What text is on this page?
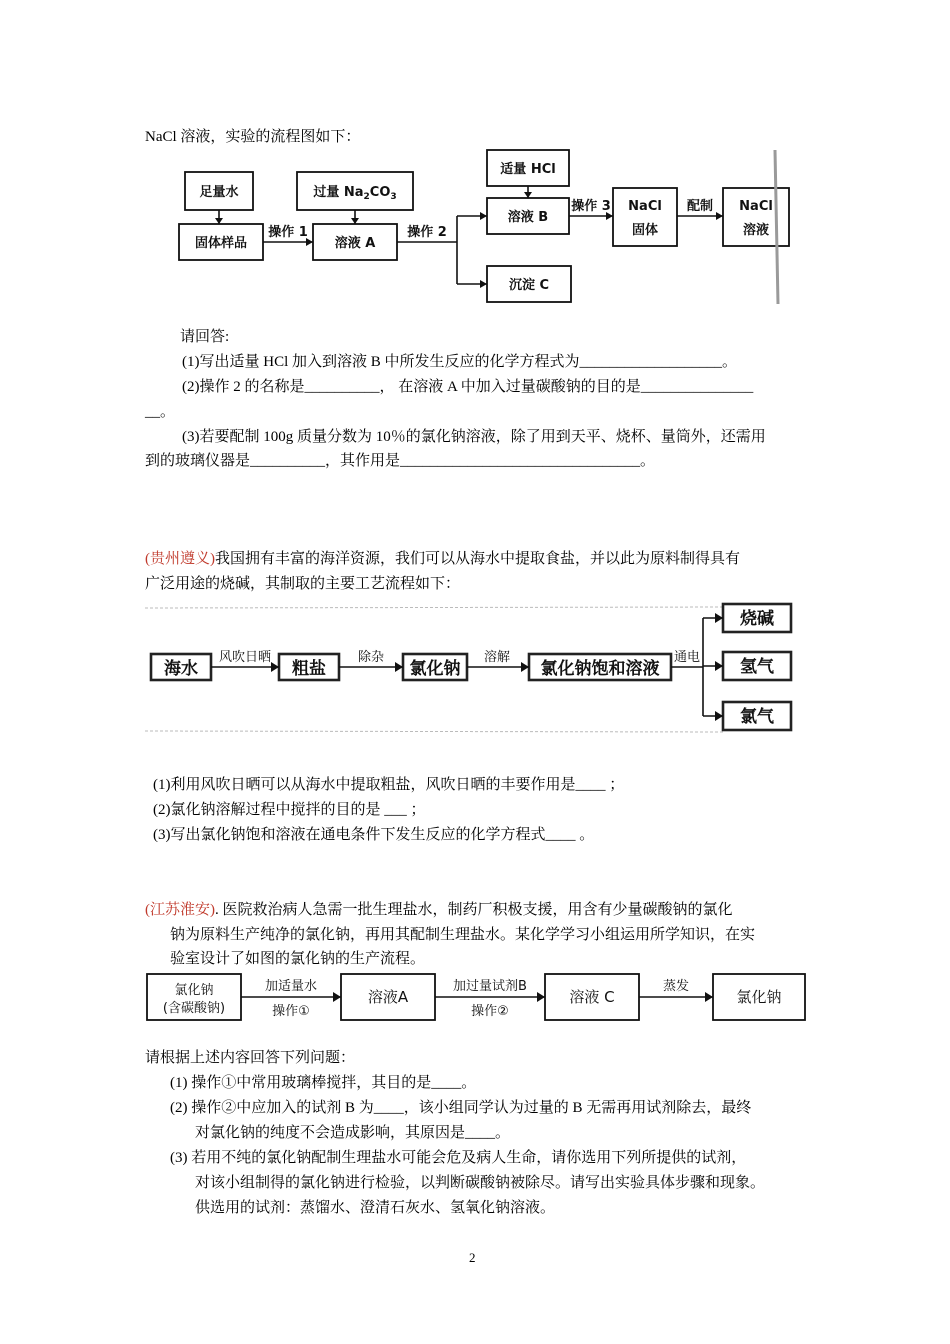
NaCl 溶液，实验的流程图如下：
足量水	过量 $Na_2CO_3$
适量 HCl
固体样品
操作 1
溶液 A
操作 2
溶液 B
操作 3
沉淀 C
NaCl
固体
配制 NaCl
溶液
请回答:
(1)写出适量 HCl 加入到溶液 B 中所发生反应的化学方程式为___________________。
(2)操作 2 的名称是__________， 在溶液 A 中加入过量碳酸钠的目的是_______________
__。
(3)若要配制 100g 质量分数为 10％的氯化钠溶液，除了用到天平、烧杯、量筒外，还需用
到的玻璃仪器是__________，其作用是________________________________。
(贵州遵义)我国拥有丰富的海洋资源，我们可以从海水中提取食盐，并以此为原料制得具有
广泛用途的烧碱，其制取的主要工艺流程如下：
海水
风吹日晒
粗盐
除杂
氯化钠
溶解
氯化钠饱和溶液
通电
烧碱
氢气
氯气
(1)利用风吹日晒可以从海水中提取粗盐，风吹日晒的丰要作用是____ ；
(2)氯化钠溶解过程中搅拌的目的是 ___ ；
(3)写出氯化钠饱和溶液在通电条件下发生反应的化学方程式____ 。
(江苏淮安). 医院救治病人急需一批生理盐水，制药厂积极支援，用含有少量碳酸钠的氯化
钠为原料生产纯净的氯化钠，再用其配制生理盐水。某化学学习小组运用所学知识，在实
验室设计了如图的氯化钠的生产流程。
氯化钠
(含碳酸钠)
加适量水
操作①
溶液A
加过量试剂B
操作②
溶液 C
蒸发
氯化钠
请根据上述内容回答下列问题：
(1) 操作①中常用玻璃棒搅拌，其目的是____。
(2) 操作②中应加入的试剂 B 为____，该小组同学认为过量的 B 无需再用试剂除去，最终
对氯化钠的纯度不会造成影响，其原因是____。
(3) 若用不纯的氯化钠配制生理盐水可能会危及病人生命，请你选用下列所提供的试剂，
对该小组制得的氯化钠进行检验，以判断碳酸钠被除尽。请写出实验具体步骤和现象。
供选用的试剂：蒸馏水、澄清石灰水、氢氧化钠溶液。
2
